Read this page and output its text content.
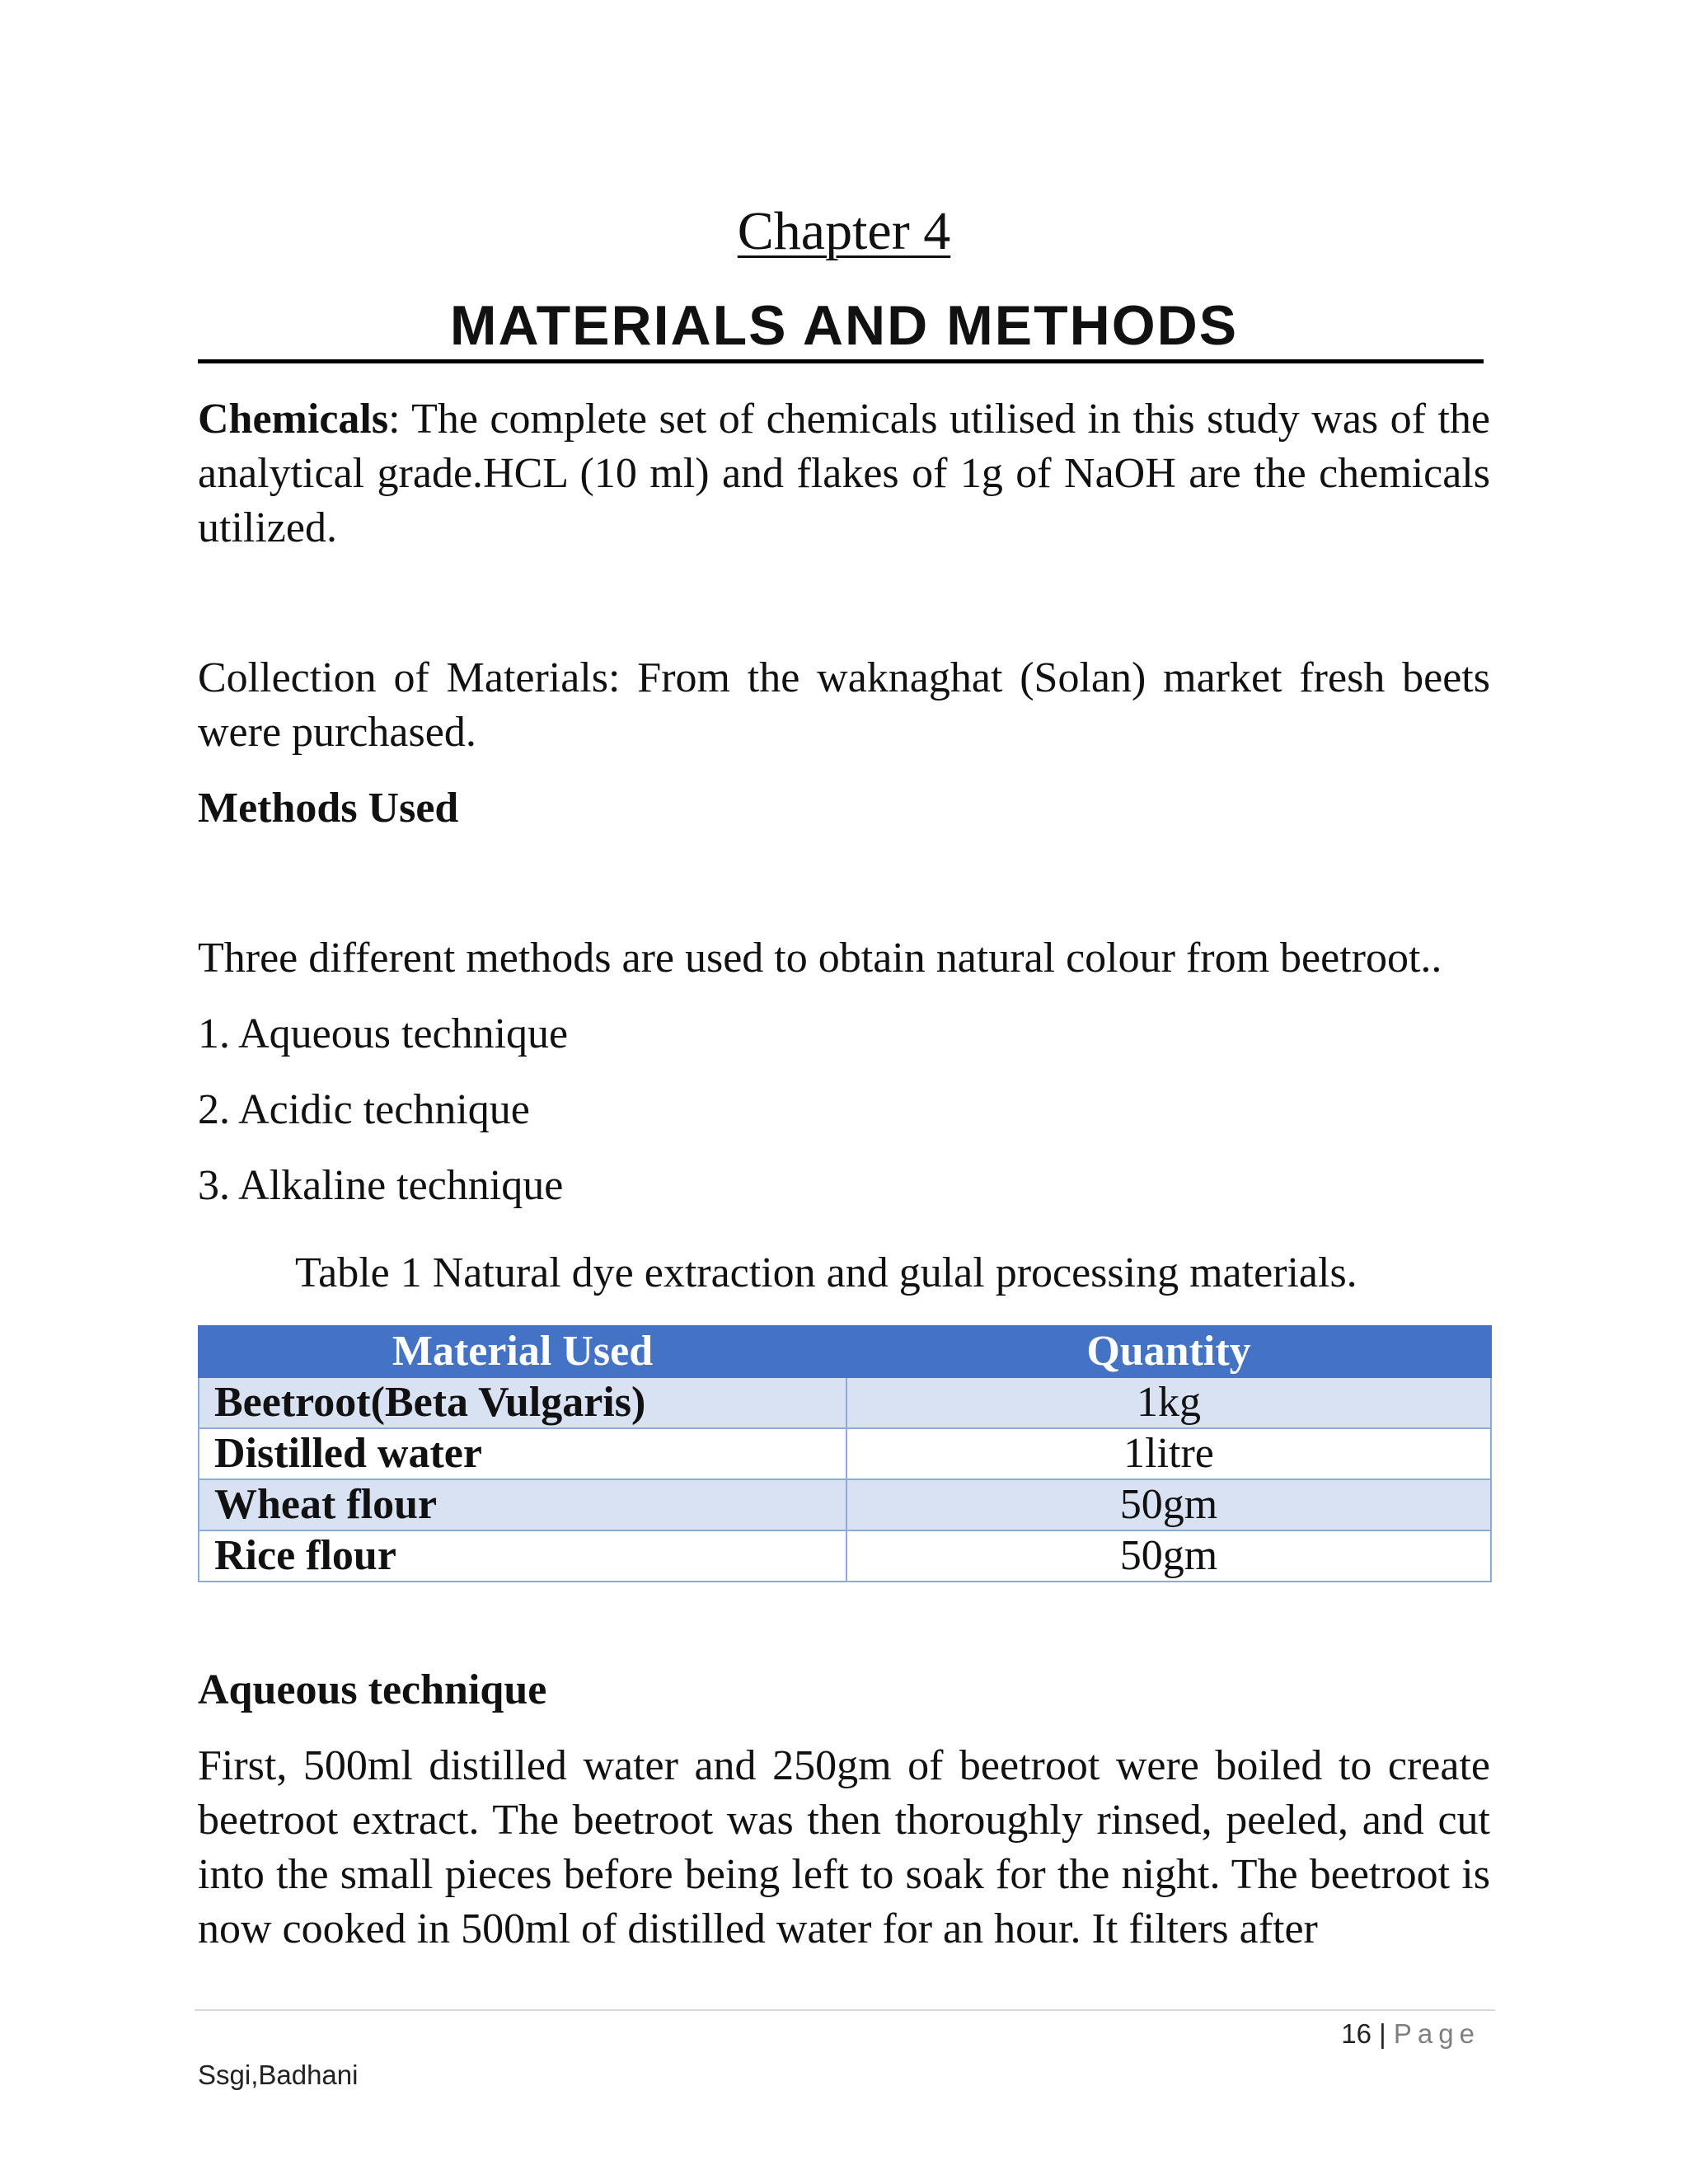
Chapter 4
MATERIALS AND METHODS

Chemicals: The complete set of chemicals utilised in this study was of the analytical grade.HCL (10 ml) and flakes of 1g of NaOH are the chemicals utilized.

Collection of Materials: From the waknaghat (Solan) market fresh beets were purchased.

Methods Used
Three different methods are used to obtain natural colour from beetroot..
1. Aqueous technique
2. Acidic technique
3. Alkaline technique
Table 1 Natural dye extraction and gulal processing materials.
Material Used	Quantity
Beetroot(Beta Vulgaris)	1kg
Distilled water	1litre
Wheat flour	50gm
Rice flour	50gm
Aqueous technique

First, 500ml distilled water and 250gm of beetroot were boiled to create beetroot extract. The beetroot was then thoroughly rinsed, peeled, and cut into the small pieces before being left to soak for the night. The beetroot is now cooked in 500ml of distilled water for an hour. It filters after

16 | Page
Ssgi,Badhani
